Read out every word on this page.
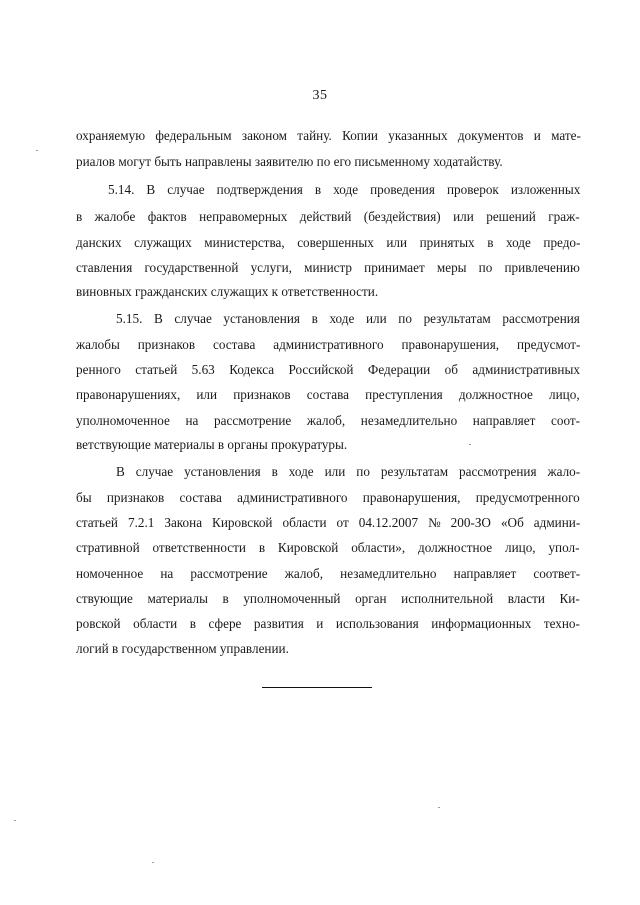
35
охраняемую федеральным законом тайну. Копии указанных документов и мате-
риалов могут быть направлены заявителю по его письменному ходатайству.
5.14. В случае подтверждения в ходе проведения проверок изложенных
в жалобе фактов неправомерных действий (бездействия) или решений граж-
данских служащих министерства, совершенных или принятых в ходе предо-
ставления государственной услуги, министр принимает меры по привлечению
виновных гражданских служащих к ответственности.
5.15. В случае установления в ходе или по результатам рассмотрения
жалобы признаков состава административного правонарушения, предусмот-
ренного статьей 5.63 Кодекса Российской Федерации об административных
правонарушениях, или признаков состава преступления должностное лицо,
уполномоченное на рассмотрение жалоб, незамедлительно направляет соот-
ветствующие материалы в органы прокуратуры.
В случае установления в ходе или по результатам рассмотрения жало-
бы признаков состава административного правонарушения, предусмотренного
статьей 7.2.1 Закона Кировской области от 04.12.2007 № 200-ЗО «Об админи-
стративной ответственности в Кировской области», должностное лицо, упол-
номоченное на рассмотрение жалоб, незамедлительно направляет соответ-
ствующие материалы в уполномоченный орган исполнительной власти Ки-
ровской области в сфере развития и использования информационных техно-
логий в государственном управлении.
